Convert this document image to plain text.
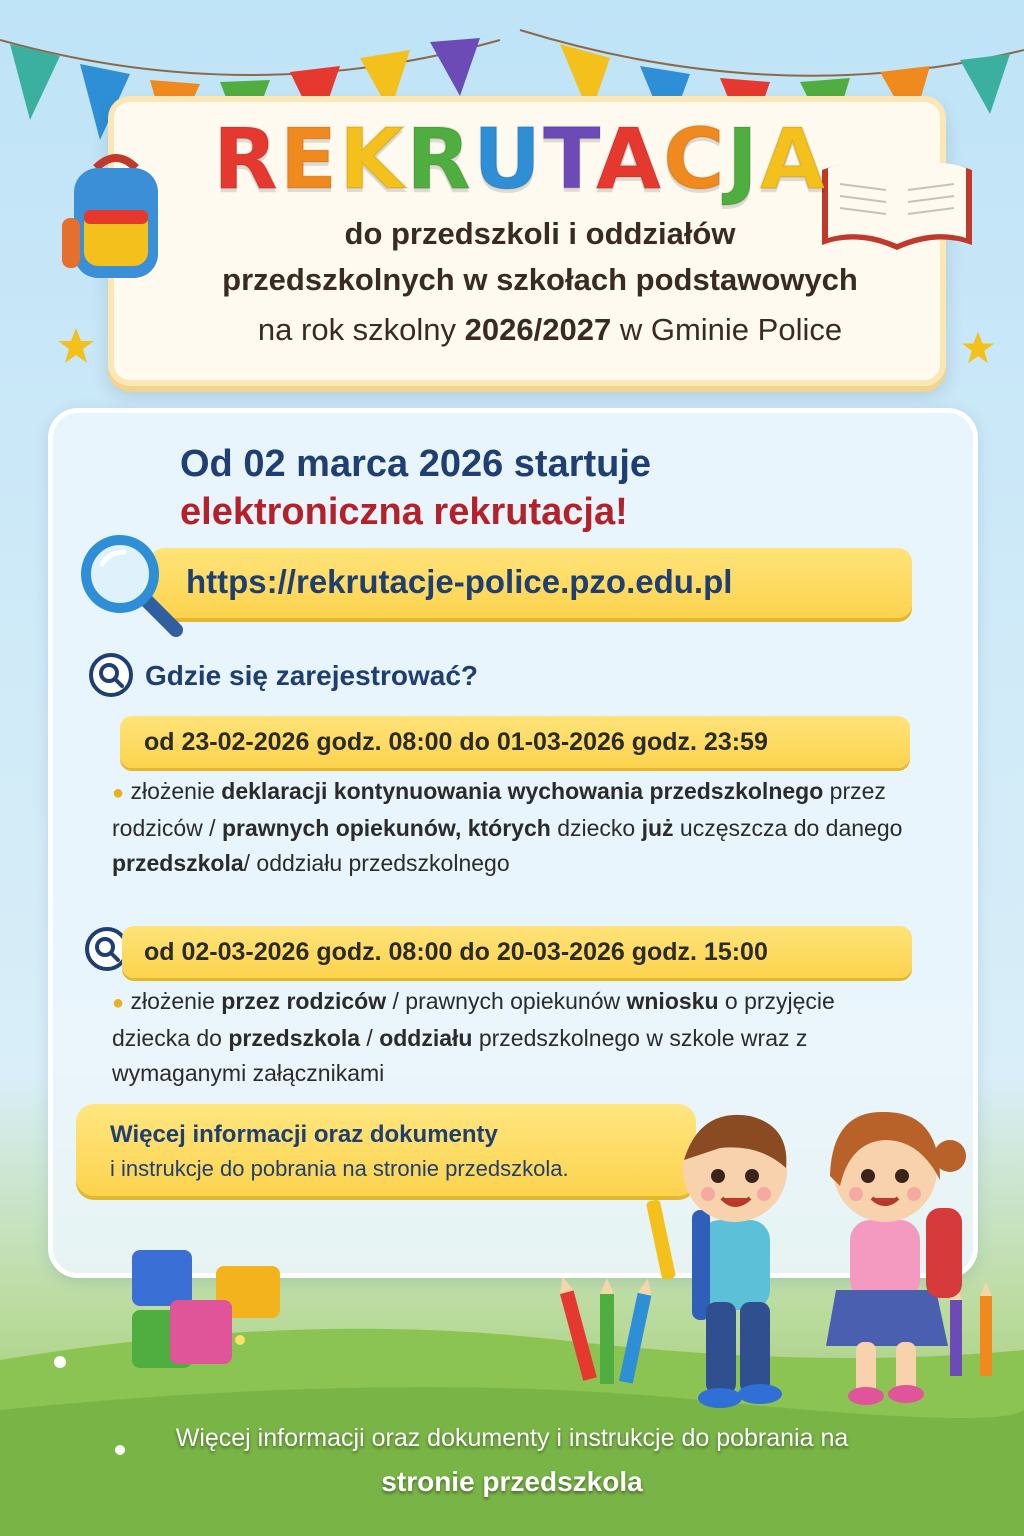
REKRUTACJA
do przedszkoli i oddziałów
przedszkolnych w szkołach podstawowych
na rok szkolny 2026/2027 w Gminie Police
Od 02 marca 2026 startuje
elektroniczna rekrutacja!
https://rekrutacje-police.pzo.edu.pl
Gdzie się zarejestrować?
od 23-02-2026 godz. 08:00 do 01-03-2026 godz. 23:59
● złożenie deklaracji kontynuowania wychowania przedszkolnego przez rodziców / prawnych opiekunów, których dziecko już uczęszcza do danego przedszkola/ oddziału przedszkolnego
od 02-03-2026 godz. 08:00 do 20-03-2026 godz. 15:00
● złożenie przez rodziców / prawnych opiekunów wniosku o przyjęcie dziecka do przedszkola / oddziału przedszkolnego w szkole wraz z wymaganymi załącznikami
Więcej informacji oraz dokumenty
i instrukcje do pobrania na stronie przedszkola.
Więcej informacji oraz dokumenty i instrukcje do pobrania na
stronie przedszkola
